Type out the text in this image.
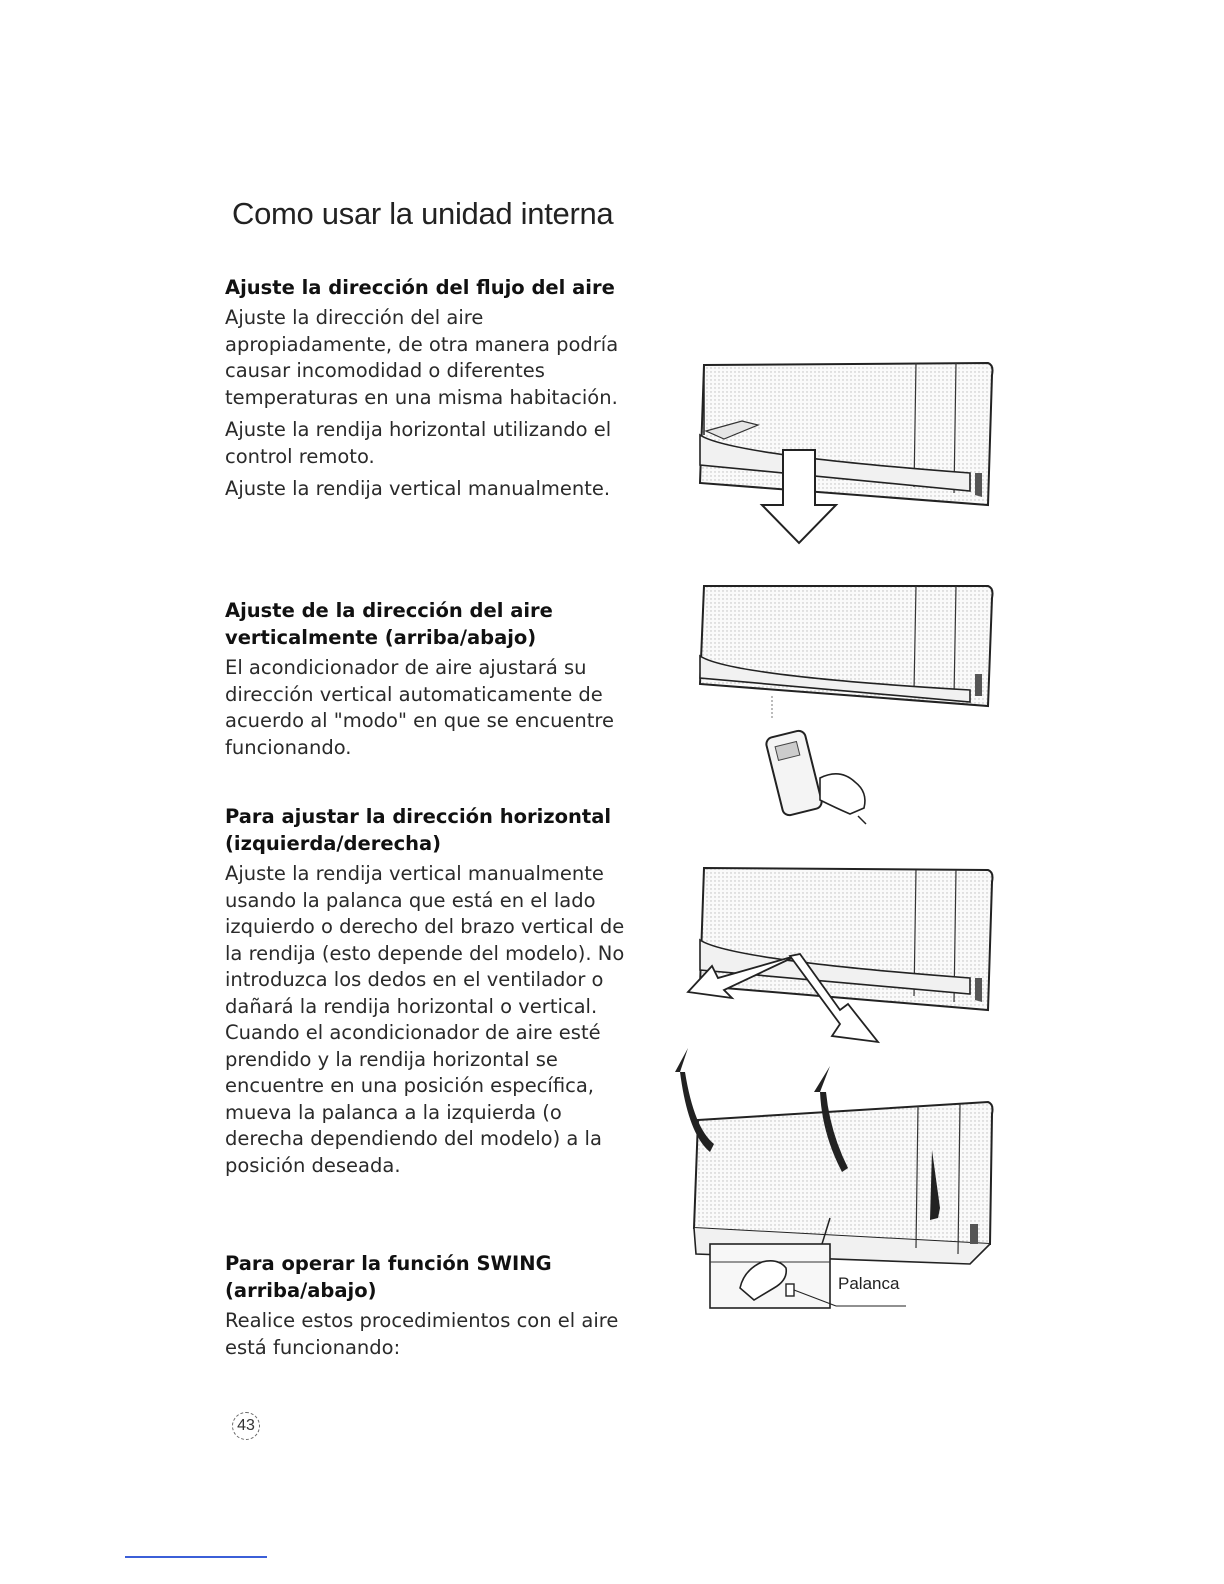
Como usar la unidad interna
Ajuste la dirección del flujo del aire
Ajuste la dirección del aire apropiadamente, de otra manera podría causar incomodidad o diferentes temperaturas en una misma habitación.
Ajuste la rendija horizontal utilizando el control remoto.
Ajuste la rendija vertical manualmente.
Ajuste de la dirección del aire verticalmente (arriba/abajo)
El acondicionador de aire ajustará su dirección vertical automaticamente de acuerdo al "modo" en que se encuentre funcionando.
Para ajustar la dirección horizontal (izquierda/derecha)
Ajuste la rendija vertical manualmente usando la palanca que está en el lado izquierdo o derecho del brazo vertical de la rendija (esto depende del modelo). No introduzca los dedos en el ventilador o dañará la rendija horizontal o vertical. Cuando el acondicionador de aire esté prendido y la rendija horizontal se encuentre en una posición específica, mueva la palanca a la izquierda (o derecha dependiendo del modelo) a la posición deseada.
Para operar la función SWING (arriba/abajo)
Realice estos procedimientos con el aire está funcionando:
Palanca
43
